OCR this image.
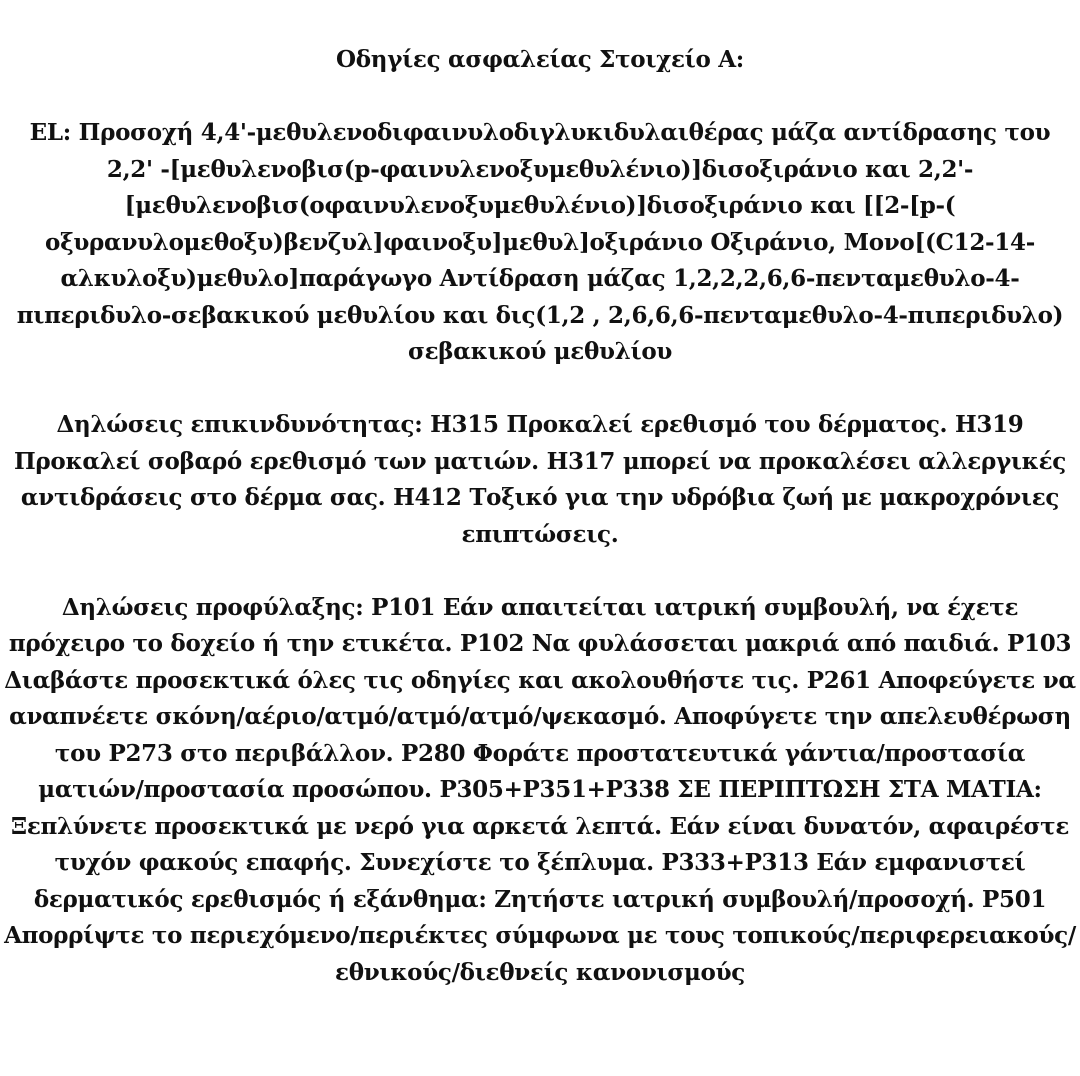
Οδηγίες ασφαλείας Στοιχείο A:
EL: Προσοχή 4,4'-μεθυλενοδιφαινυλοδιγλυκιδυλαιθέρας μάζα αντίδρασης του 2,2' -[μεθυλενοβισ(p-φαινυλενοξυμεθυλένιο)]δισοξιράνιο και 2,2'-[μεθυλενοβισ(οφαινυλενοξυμεθυλένιο)]δισοξιράνιο και [[2-[p-( οξυρανυλομεθοξυ)βενζυλ]φαινοξυ]μεθυλ]οξιράνιο Οξιράνιο, Μονο[(C12-14-αλκυλοξυ)μεθυλο]παράγωγο Αντίδραση μάζας 1,2,2,2,6,6-πενταμεθυλο-4-πιπεριδυλο-σεβακικού μεθυλίου και δις(1,2 , 2,6,6,6-πενταμεθυλο-4-πιπεριδυλο) σεβακικού μεθυλίου
Δηλώσεις επικινδυνότητας: H315 Προκαλεί ερεθισμό του δέρματος. H319 Προκαλεί σοβαρό ερεθισμό των ματιών. H317 μπορεί να προκαλέσει αλλεργικές αντιδράσεις στο δέρμα σας. H412 Τοξικό για την υδρόβια ζωή με μακροχρόνιες επιπτώσεις.
Δηλώσεις προφύλαξης: P101 Εάν απαιτείται ιατρική συμβουλή, να έχετε πρόχειρο το δοχείο ή την ετικέτα. P102 Να φυλάσσεται μακριά από παιδιά. P103 Διαβάστε προσεκτικά όλες τις οδηγίες και ακολουθήστε τις. P261 Αποφεύγετε να αναπνέετε σκόνη/αέριο/ατμό/ατμό/ατμό/ψεκασμό. Αποφύγετε την απελευθέρωση του P273 στο περιβάλλον. P280 Φοράτε προστατευτικά γάντια/προστασία ματιών/προστασία προσώπου. P305+P351+P338 ΣΕ ΠΕΡΙΠΤΩΣΗ ΣΤΑ ΜΑΤΙΑ: Ξεπλύνετε προσεκτικά με νερό για αρκετά λεπτά. Εάν είναι δυνατόν, αφαιρέστε τυχόν φακούς επαφής. Συνεχίστε το ξέπλυμα. P333+P313 Εάν εμφανιστεί δερματικός ερεθισμός ή εξάνθημα: Ζητήστε ιατρική συμβουλή/προσοχή. P501 Απορρίψτε το περιεχόμενο/περιέκτες σύμφωνα με τους τοπικούς/περιφερειακούς/εθνικούς/διεθνείς κανονισμούς
